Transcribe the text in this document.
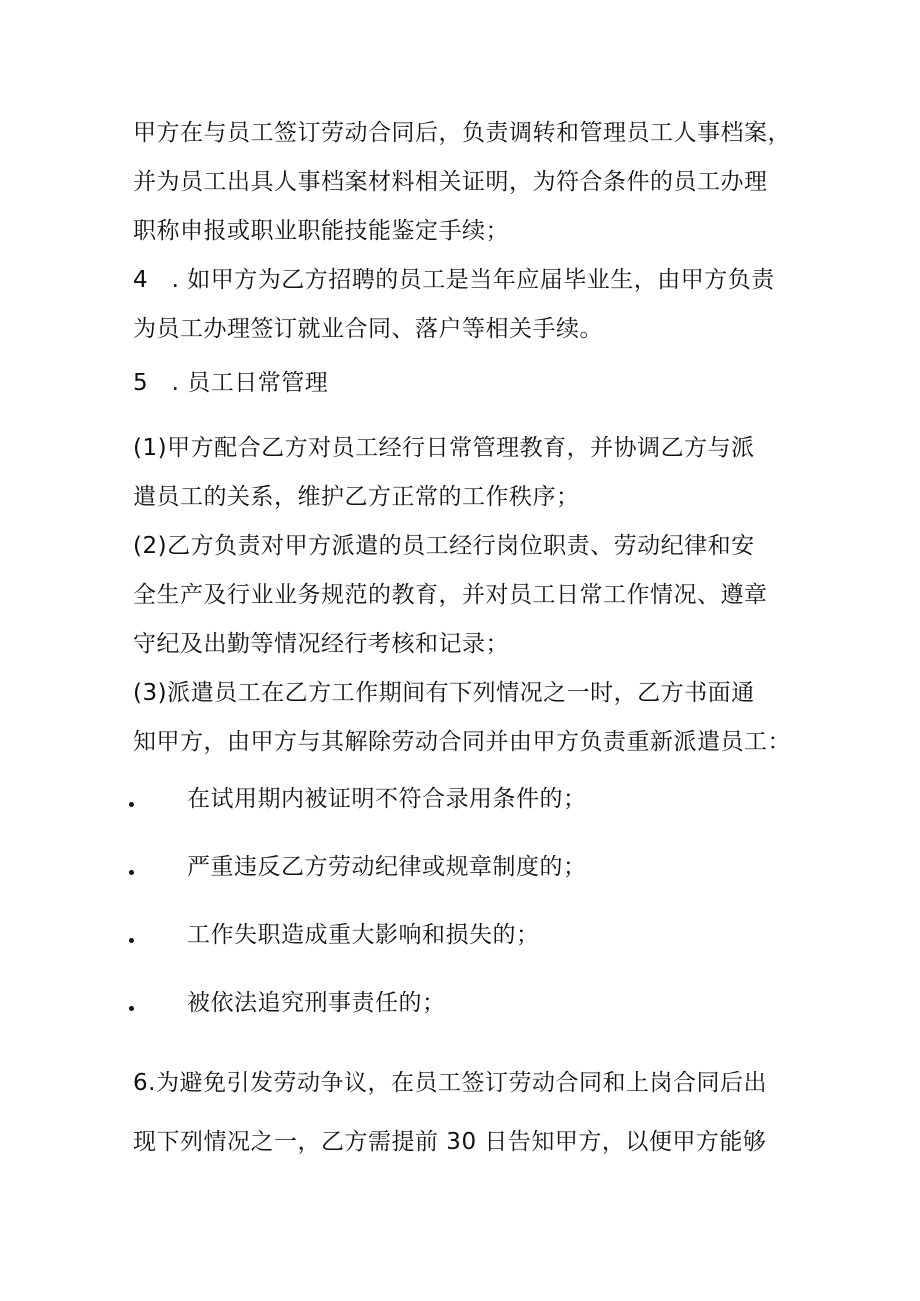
甲方在与员工签订劳动合同后，负责调转和管理员工人事档案，
并为员工出具人事档案材料相关证明，为符合条件的员工办理
职称申报或职业职能技能鉴定手续；
4　. 如甲方为乙方招聘的员工是当年应届毕业生，由甲方负责
为员工办理签订就业合同、落户等相关手续。
5　. 员工日常管理
(1)甲方配合乙方对员工经行日常管理教育，并协调乙方与派
遣员工的关系，维护乙方正常的工作秩序；
(2)乙方负责对甲方派遣的员工经行岗位职责、劳动纪律和安
全生产及行业业务规范的教育，并对员工日常工作情况、遵章
守纪及出勤等情况经行考核和记录；
(3)派遣员工在乙方工作期间有下列情况之一时，乙方书面通
知甲方，由甲方与其解除劳动合同并由甲方负责重新派遣员工：
在试用期内被证明不符合录用条件的；
严重违反乙方劳动纪律或规章制度的；
工作失职造成重大影响和损失的；
被依法追究刑事责任的；
6.为避免引发劳动争议，在员工签订劳动合同和上岗合同后出
现下列情况之一，乙方需提前 30 日告知甲方，以便甲方能够
